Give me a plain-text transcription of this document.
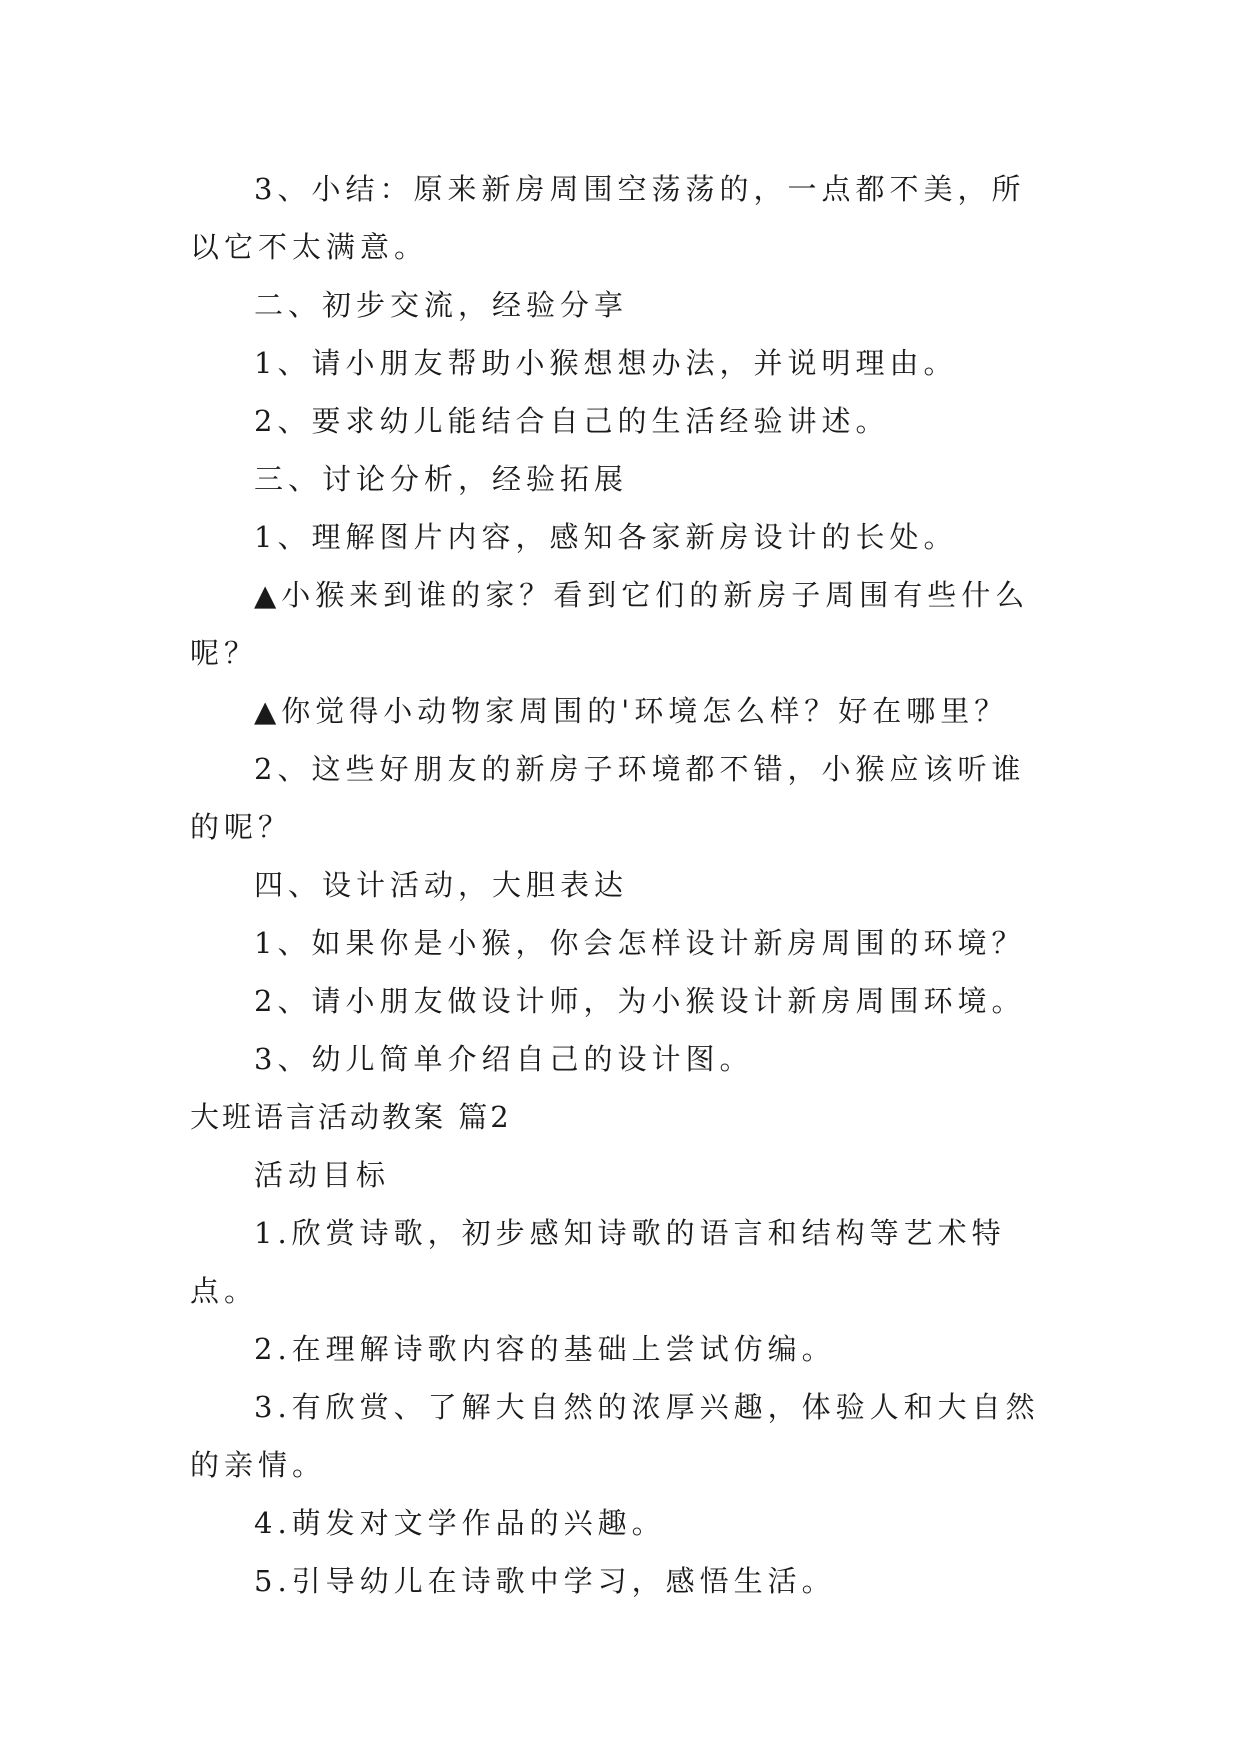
3、小结：原来新房周围空荡荡的，一点都不美，所以它不太满意。

二、初步交流，经验分享

1、请小朋友帮助小猴想想办法，并说明理由。

2、要求幼儿能结合自己的生活经验讲述。

三、讨论分析，经验拓展

1、理解图片内容，感知各家新房设计的长处。

▲小猴来到谁的家？看到它们的新房子周围有些什么呢？

▲你觉得小动物家周围的'环境怎么样？好在哪里？

2、这些好朋友的新房子环境都不错，小猴应该听谁的呢？

四、设计活动，大胆表达

1、如果你是小猴，你会怎样设计新房周围的环境？

2、请小朋友做设计师，为小猴设计新房周围环境。

3、幼儿简单介绍自己的设计图。

大班语言活动教案 篇2

活动目标

1.欣赏诗歌，初步感知诗歌的语言和结构等艺术特点。

2.在理解诗歌内容的基础上尝试仿编。

3.有欣赏、了解大自然的浓厚兴趣，体验人和大自然的亲情。

4.萌发对文学作品的兴趣。

5.引导幼儿在诗歌中学习，感悟生活。
